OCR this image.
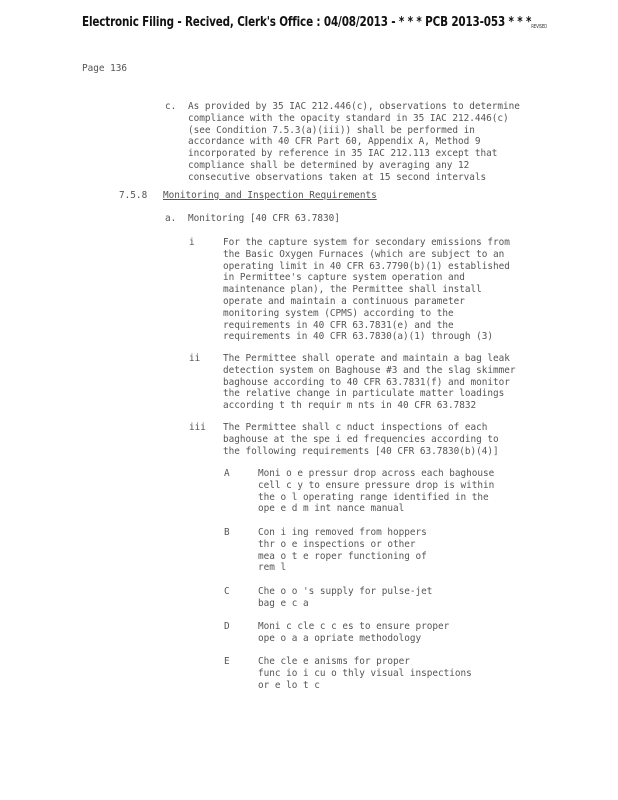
Electronic Filing - Recived, Clerk's Office : 04/08/2013 - * * * PCB 2013-053 * * *REVISED
Page 136
c. As provided by 35 IAC 212.446(c), observations to determine
compliance with the opacity standard in 35 IAC 212.446(c)
(see Condition 7.5.3(a)(iii)) shall be performed in
accordance with 40 CFR Part 60, Appendix A, Method 9
incorporated by reference in 35 IAC 212.113 except that
compliance shall be determined by averaging any 12
consecutive observations taken at 15 second intervals
7.5.8 Monitoring and Inspection Requirements
a. Monitoring [40 CFR 63.7830]
i	For the capture system for secondary emissions from
the Basic Oxygen Furnaces (which are subject to an
operating limit in 40 CFR 63.7790(b)(1) established
in Permittee's capture system operation and
maintenance plan), the Permittee shall install
operate and maintain a continuous parameter
monitoring system (CPMS) according to the
requirements in 40 CFR 63.7831(e) and the
requirements in 40 CFR 63.7830(a)(1) through (3)
ii The Permittee shall operate and maintain a bag leak
detection system on Baghouse #3 and the slag skimmer
baghouse according to 40 CFR 63.7831(f) and monitor
the relative change in particulate matter loadings
according t th requir m nts in 40 CFR 63.7832
iii The Permittee shall c nduct inspections of each
baghouse at the spe i ed frequencies according to
the following requirements [40 CFR 63.7830(b)(4)]
A	Moni o e pressur drop across each baghouse
cell c y to ensure pressure drop is within
the o l operating range identified in the
ope e d m int nance manual
B	Con i ing removed from hoppers
thr o e inspections or other
mea o t e roper functioning of
rem l
C	Che o o 's supply for pulse-jet
bag e c a
D	Moni c cle c c es to ensure proper
ope o a a opriate methodology
E	Che cle e anisms for proper
func io i cu o thly visual inspections
or e lo t c
